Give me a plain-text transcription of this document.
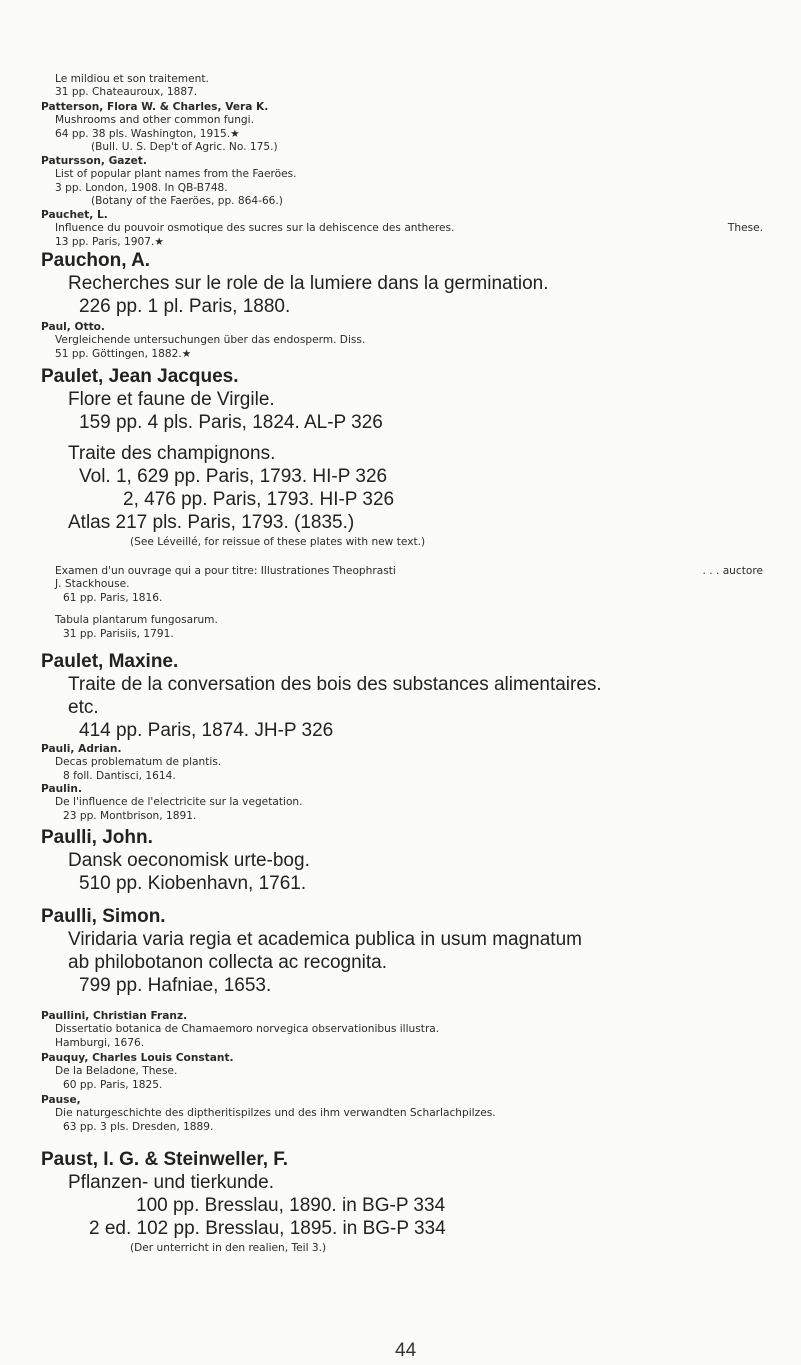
Le mildiou et son traitement.
31 pp. Chateauroux, 1887.
Patterson, Flora W. & Charles, Vera K.
Mushrooms and other common fungi.
64 pp. 38 pls. Washington, 1915.★
(Bull. U. S. Dep't of Agric. No. 175.)
Patursson, Gazet.
List of popular plant names from the Faeröes.
3 pp. London, 1908. In QB-B748.
(Botany of the Faeröes, pp. 864-66.)
Pauchet, L.
Influence du pouvoir osmotique des sucres sur la dehiscence des antheres.	These.
13 pp. Paris, 1907.★
Pauchon, A.
Recherches sur le role de la lumiere dans la germination.
226 pp. 1 pl. Paris, 1880.
Paul, Otto.
Vergleichende untersuchungen über das endosperm. Diss.
51 pp. Göttingen, 1882.★
Paulet, Jean Jacques.
Flore et faune de Virgile.
159 pp. 4 pls. Paris, 1824. AL-P 326
Traite des champignons.
Vol. 1, 629 pp. Paris, 1793. HI-P 326
2, 476 pp. Paris, 1793. HI-P 326
Atlas 217 pls. Paris, 1793. (1835.)
(See Léveillé, for reissue of these plates with new text.)
Examen d'un ouvrage qui a pour titre: Illustrationes Theophrasti	. . . auctore
J. Stackhouse.
61 pp. Paris, 1816.
Tabula plantarum fungosarum.
31 pp. Parisiis, 1791.
Paulet, Maxine.
Traite de la conversation des bois des substances alimentaires.
etc.
414 pp. Paris, 1874. JH-P 326
Pauli, Adrian.
Decas problematum de plantis.
8 foll. Dantisci, 1614.
Paulin.
De l'influence de l'electricite sur la vegetation.
23 pp. Montbrison, 1891.
Paulli, John.
Dansk oeconomisk urte-bog.
510 pp. Kiobenhavn, 1761.
Paulli, Simon.
Viridaria varia regia et academica publica in usum magnatum
ab philobotanon collecta ac recognita.
799 pp. Hafniae, 1653.
Paullini, Christian Franz.
Dissertatio botanica de Chamaemoro norvegica observationibus illustra.
Hamburgi, 1676.
Pauquy, Charles Louis Constant.
De la Beladone, These.
60 pp. Paris, 1825.
Pause,
Die naturgeschichte des diptheritispilzes und des ihm verwandten Scharlachpilzes.
63 pp. 3 pls. Dresden, 1889.
Paust, I. G. & Steinweller, F.
Pflanzen- und tierkunde.
100 pp. Bresslau, 1890. in BG-P 334
2 ed. 102 pp. Bresslau, 1895. in BG-P 334
(Der unterricht in den realien, Teil 3.)
44
